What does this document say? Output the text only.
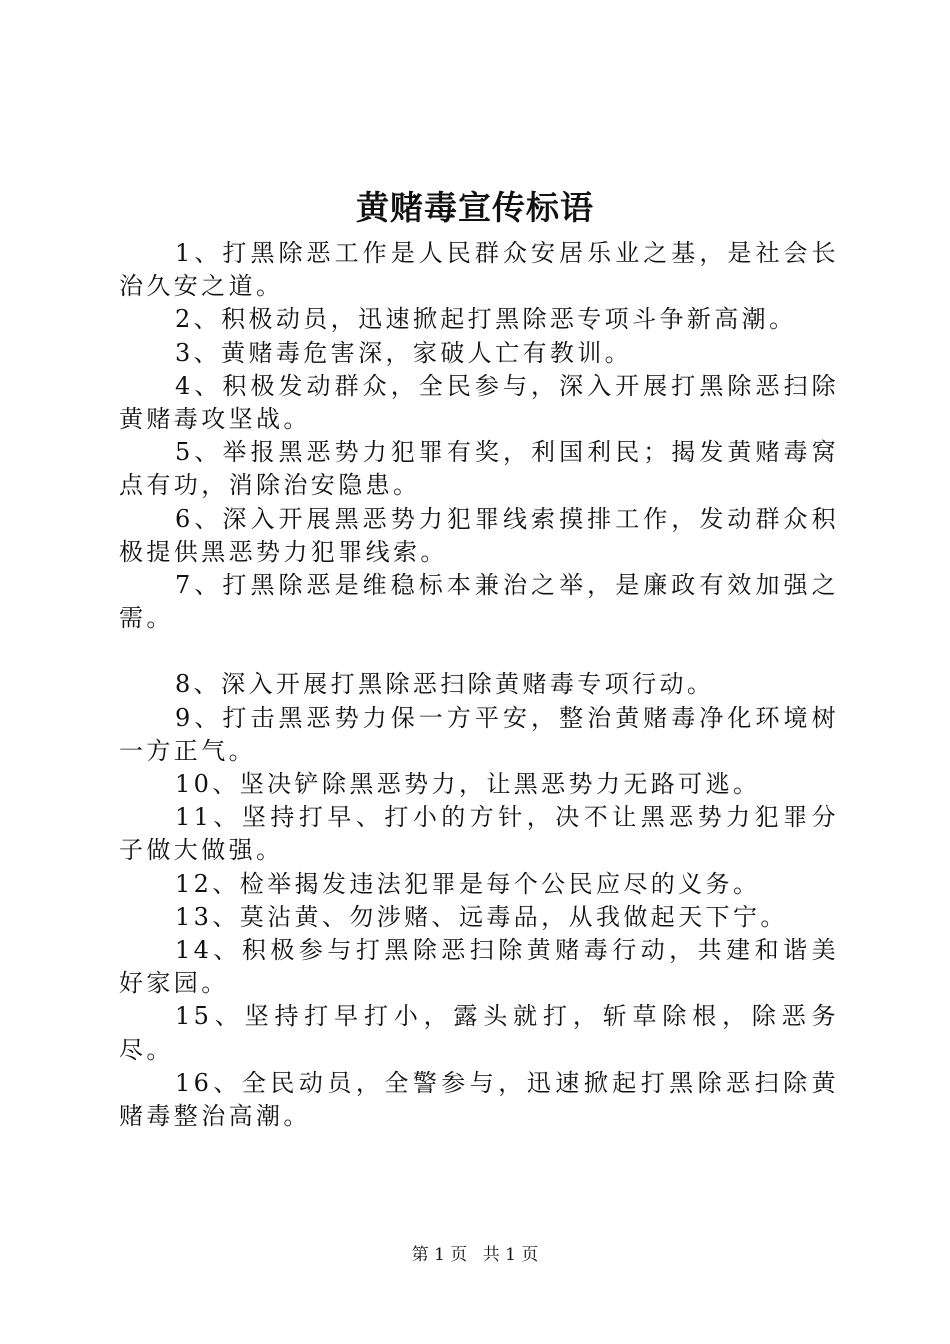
黄赌毒宣传标语

1、打黑除恶工作是人民群众安居乐业之基，是社会长治久安之道。

2、积极动员，迅速掀起打黑除恶专项斗争新高潮。

3、黄赌毒危害深，家破人亡有教训。

4、积极发动群众，全民参与，深入开展打黑除恶扫除黄赌毒攻坚战。

5、举报黑恶势力犯罪有奖，利国利民；揭发黄赌毒窝点有功，消除治安隐患。

6、深入开展黑恶势力犯罪线索摸排工作，发动群众积极提供黑恶势力犯罪线索。

7、打黑除恶是维稳标本兼治之举，是廉政有效加强之需。

8、深入开展打黑除恶扫除黄赌毒专项行动。

9、打击黑恶势力保一方平安，整治黄赌毒净化环境树一方正气。

10、坚决铲除黑恶势力，让黑恶势力无路可逃。

11、坚持打早、打小的方针，决不让黑恶势力犯罪分子做大做强。

12、检举揭发违法犯罪是每个公民应尽的义务。

13、莫沾黄、勿涉赌、远毒品，从我做起天下宁。

14、积极参与打黑除恶扫除黄赌毒行动，共建和谐美好家园。

15、坚持打早打小，露头就打，斩草除根，除恶务尽。

16、全民动员，全警参与，迅速掀起打黑除恶扫除黄赌毒整治高潮。

第 1 页 共 1 页
